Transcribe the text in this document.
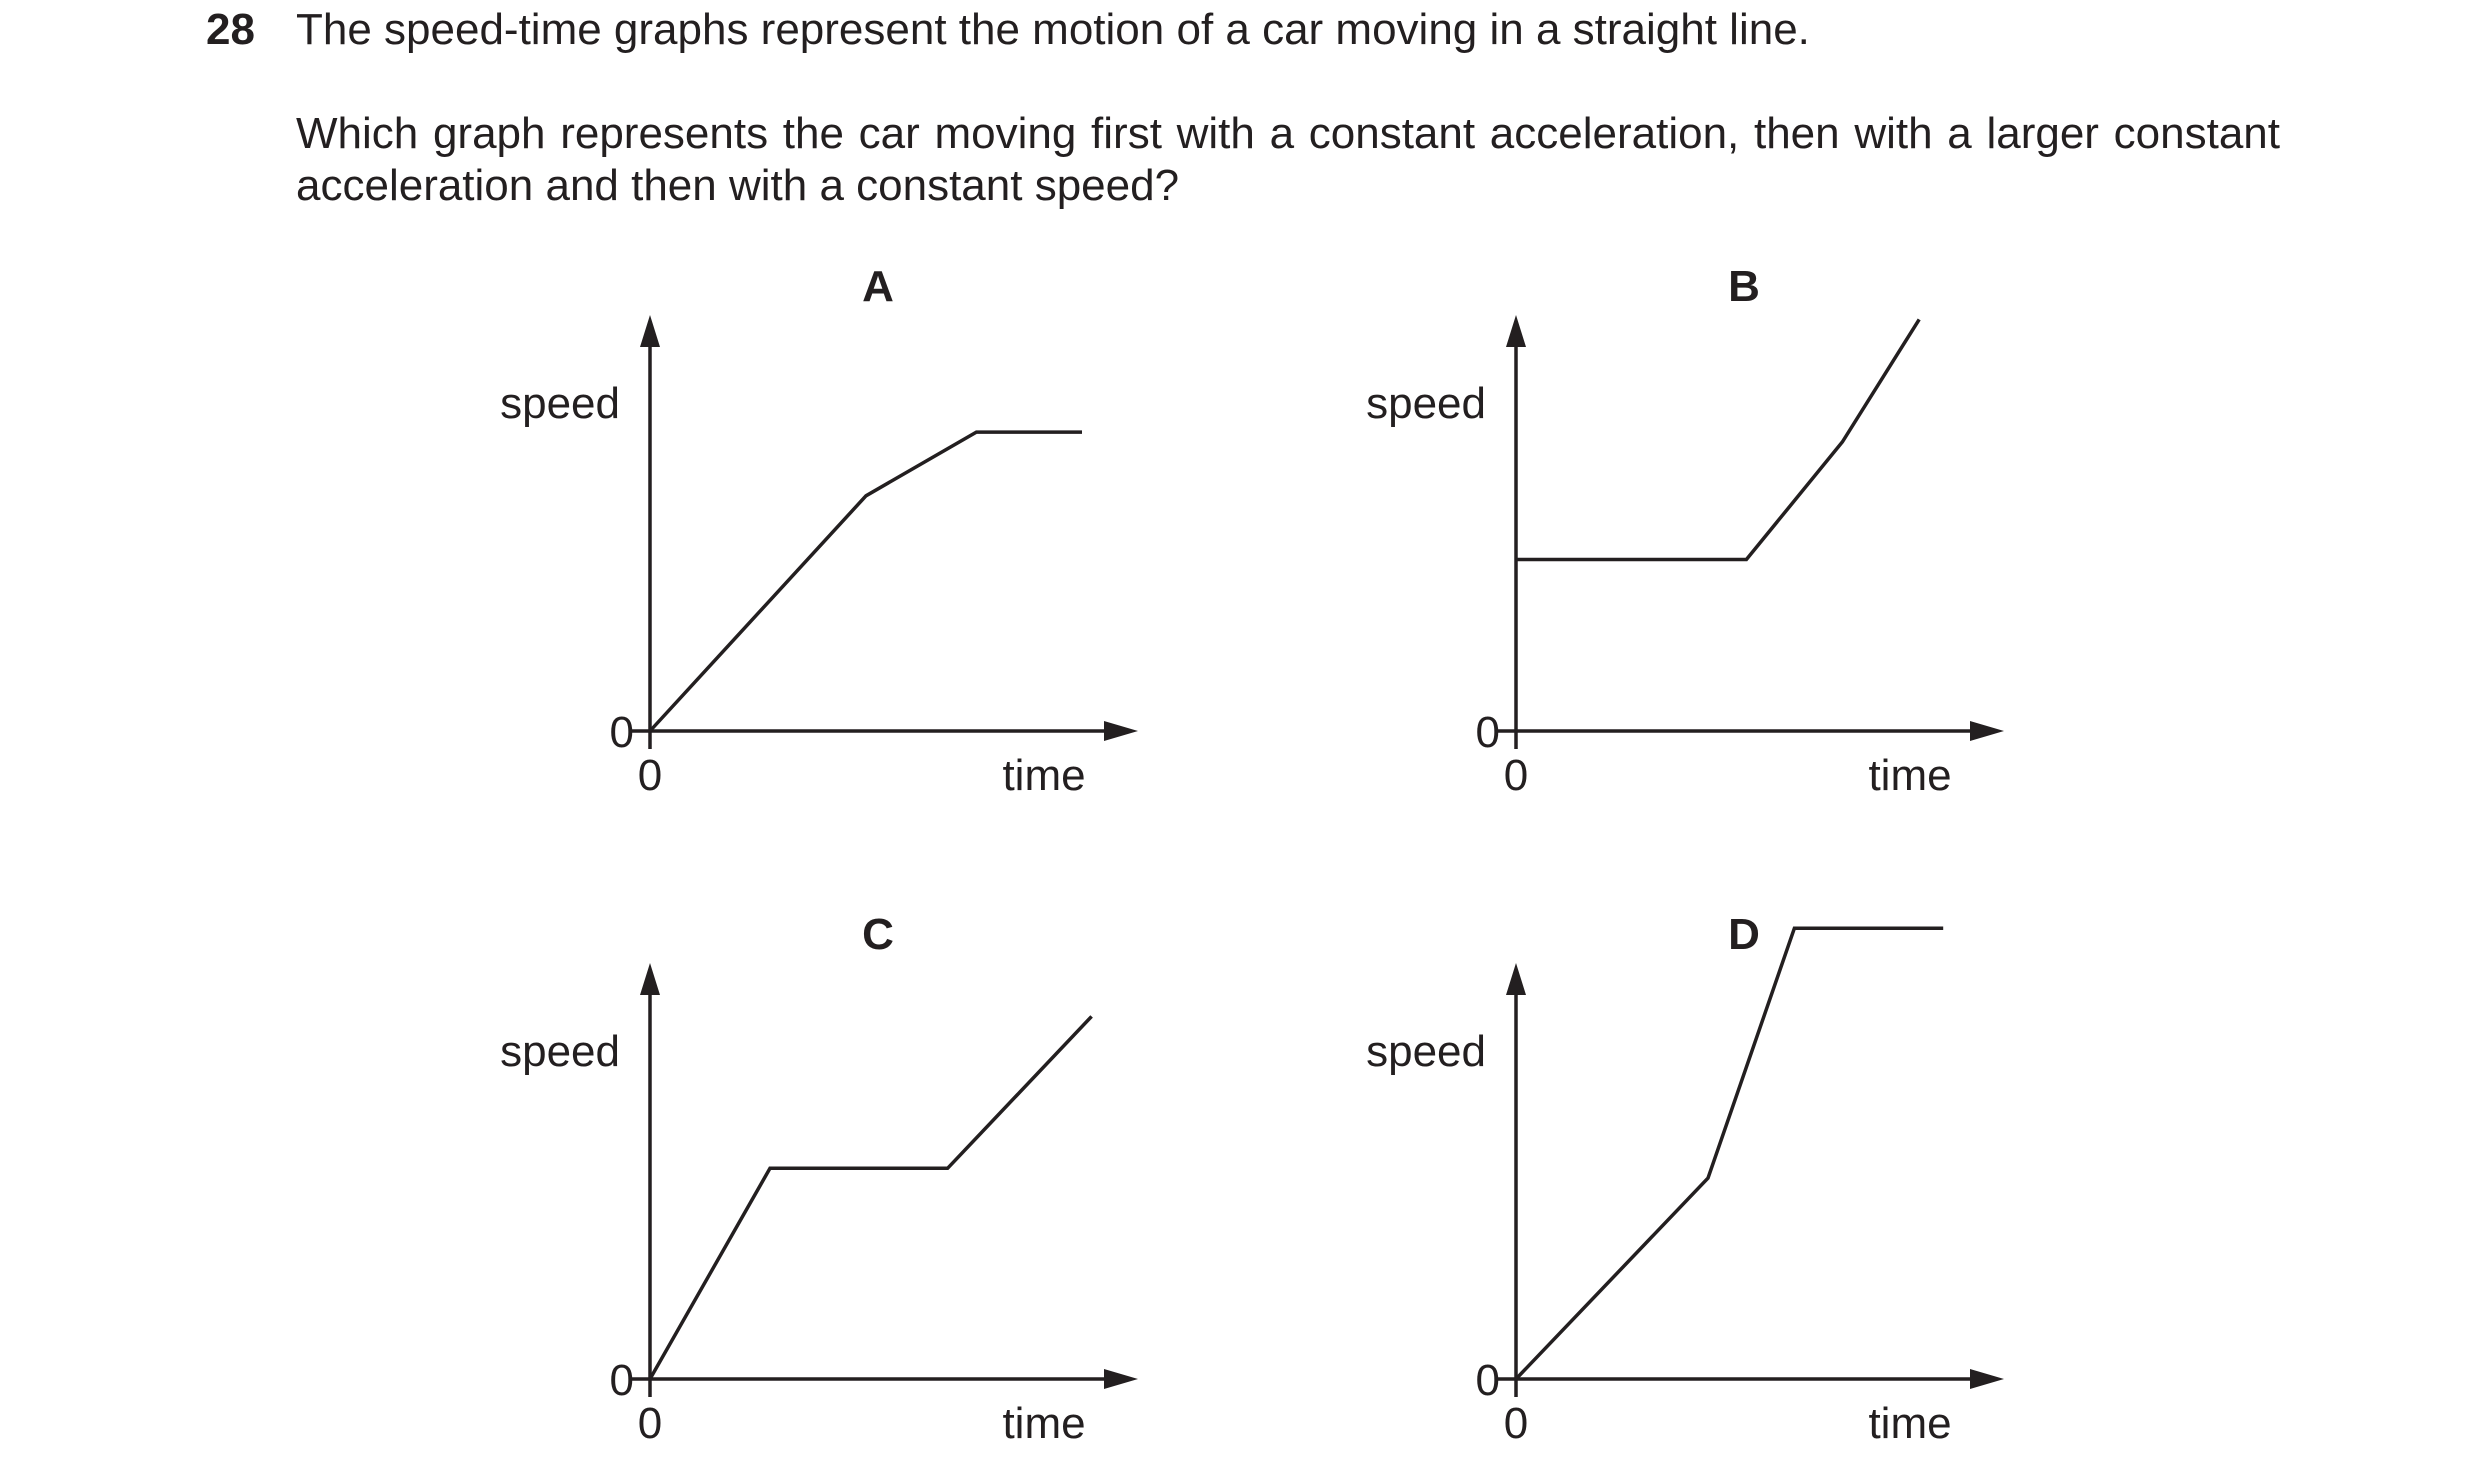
28 The speed-time graphs represent the motion of a car moving in a straight line.
Which graph represents the car moving first with a constant acceleration, then with a larger constant acceleration and then with a constant speed?
A
speed
time
0
0
B
speed
time
0
0
C
speed
time
0
0
D
speed
time
0
0
